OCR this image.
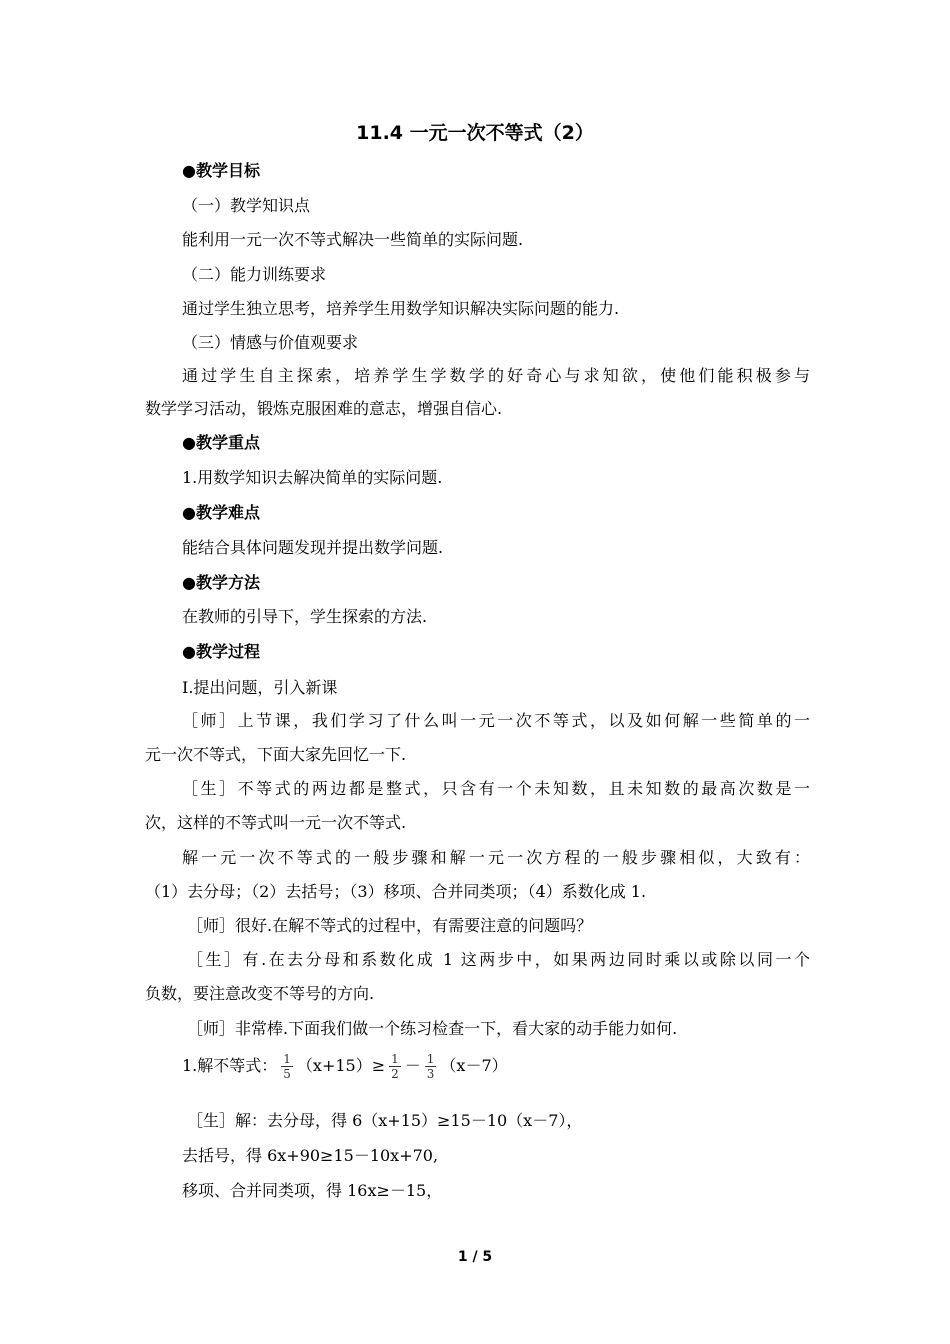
11.4 一元一次不等式（2）
●教学目标
（一）教学知识点
能利用一元一次不等式解决一些简单的实际问题.
（二）能力训练要求
通过学生独立思考，培养学生用数学知识解决实际问题的能力.
（三）情感与价值观要求
通过学生自主探索，培养学生学数学的好奇心与求知欲，使他们能积极参与
数学学习活动，锻炼克服困难的意志，增强自信心.
●教学重点
1.用数学知识去解决简单的实际问题.
●教学难点
能结合具体问题发现并提出数学问题.
●教学方法
在教师的引导下，学生探索的方法.
●教学过程
Ⅰ.提出问题，引入新课
［师］上节课，我们学习了什么叫一元一次不等式，以及如何解一些简单的一
元一次不等式，下面大家先回忆一下.
［生］不等式的两边都是整式，只含有一个未知数，且未知数的最高次数是一
次，这样的不等式叫一元一次不等式.
解一元一次不等式的一般步骤和解一元一次方程的一般步骤相似，大致有：
（1）去分母；（2）去括号；（3）移项、合并同类项；（4）系数化成 1.
［师］很好.在解不等式的过程中，有需要注意的问题吗？
［生］有.在去分母和系数化成 1 这两步中，如果两边同时乘以或除以同一个
负数，要注意改变不等号的方向.
［师］非常棒.下面我们做一个练习检查一下，看大家的动手能力如何.
1.解不等式： $\frac{1}{5} (x+15)\ge \frac{1}{2} - \frac{1}{3} (x-7)$
［生］解：去分母，得 6（x+15）≥15－10（x－7），
去括号，得 6x+90≥15－10x+70,
移项、合并同类项，得 16x≥－15，
1 / 5
